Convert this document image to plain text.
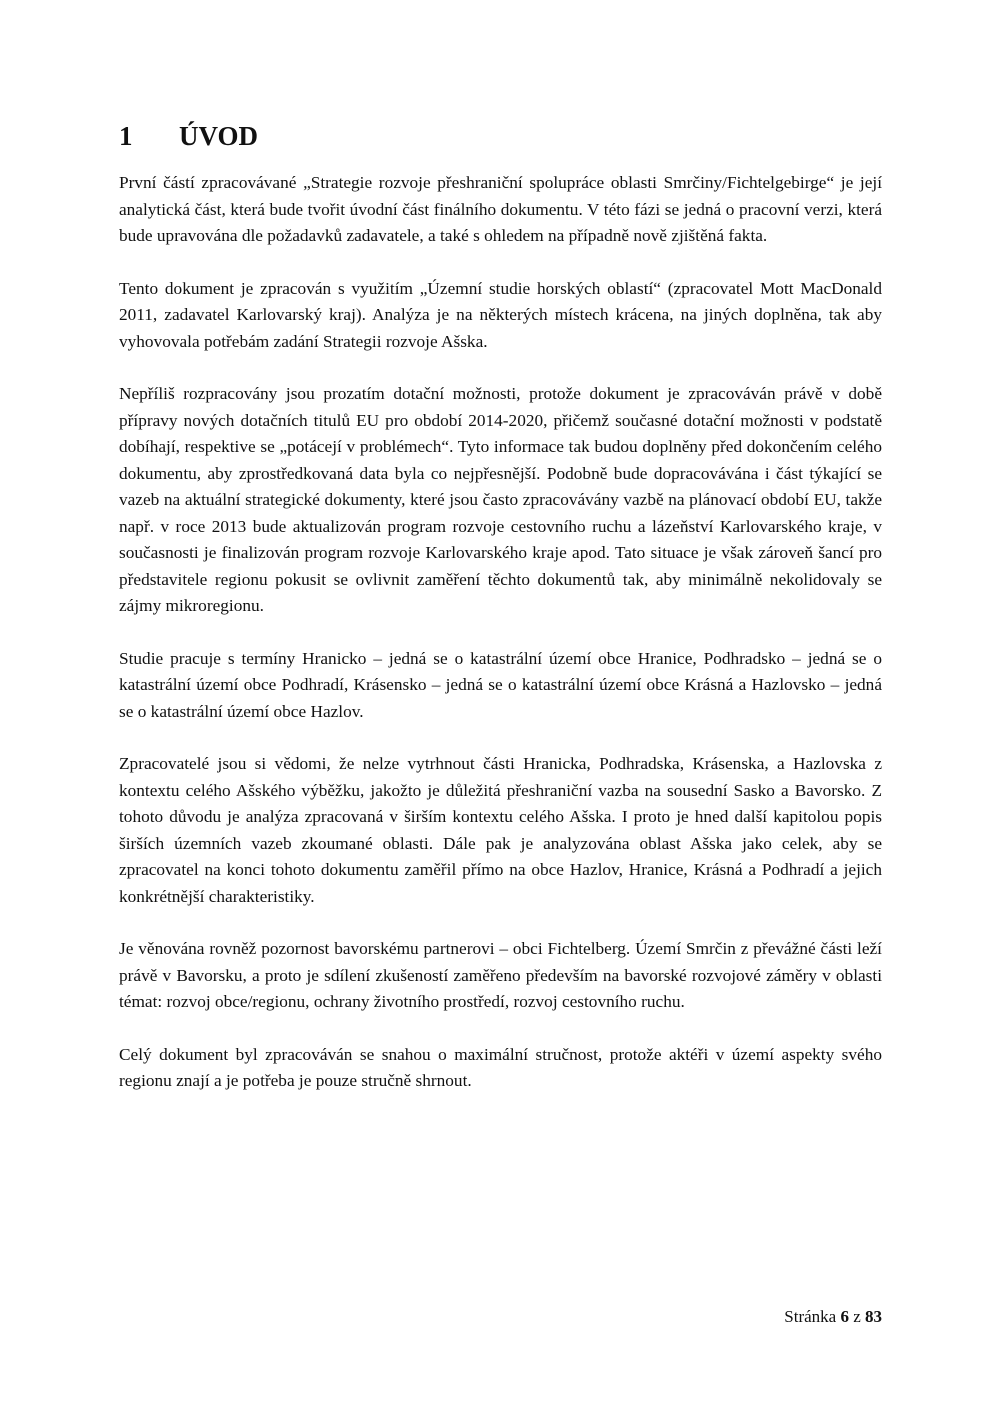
1 ÚVOD

První částí zpracovávané „Strategie rozvoje přeshraniční spolupráce oblasti Smrčiny/Fichtelgebirge“ je její analytická část, která bude tvořit úvodní část finálního dokumentu. V této fázi se jedná o pracovní verzi, která bude upravována dle požadavků zadavatele, a také s ohledem na případně nově zjištěná fakta.

Tento dokument je zpracován s využitím „Územní studie horských oblastí“ (zpracovatel Mott MacDonald 2011, zadavatel Karlovarský kraj). Analýza je na některých místech krácena, na jiných doplněna, tak aby vyhovovala potřebám zadání Strategii rozvoje Ašska.

Nepříliš rozpracovány jsou prozatím dotační možnosti, protože dokument je zpracováván právě v době přípravy nových dotačních titulů EU pro období 2014-2020, přičemž současné dotační možnosti v podstatě dobíhají, respektive se „potácejí v problémech“. Tyto informace tak budou doplněny před dokončením celého dokumentu, aby zprostředkovaná data byla co nejpřesnější. Podobně bude dopracovávána i část týkající se vazeb na aktuální strategické dokumenty, které jsou často zpracovávány vazbě na plánovací období EU, takže např. v roce 2013 bude aktualizován program rozvoje cestovního ruchu a lázeňství Karlovarského kraje, v současnosti je finalizován program rozvoje Karlovarského kraje apod. Tato situace je však zároveň šancí pro představitele regionu pokusit se ovlivnit zaměření těchto dokumentů tak, aby minimálně nekolidovaly se zájmy mikroregionu.

Studie pracuje s termíny Hranicko – jedná se o katastrální území obce Hranice, Podhradsko – jedná se o katastrální území obce Podhradí, Krásensko – jedná se o katastrální území obce Krásná a Hazlovsko – jedná se o katastrální území obce Hazlov.

Zpracovatelé jsou si vědomi, že nelze vytrhnout části Hranicka, Podhradska, Krásenska, a Hazlovska z kontextu celého Ašského výběžku, jakožto je důležitá přeshraniční vazba na sousední Sasko a Bavorsko. Z tohoto důvodu je analýza zpracovaná v širším kontextu celého Ašska. I proto je hned další kapitolou popis širších územních vazeb zkoumané oblasti. Dále pak je analyzována oblast Ašska jako celek, aby se zpracovatel na konci tohoto dokumentu zaměřil přímo na obce Hazlov, Hranice, Krásná a Podhradí a jejich konkrétnější charakteristiky.

Je věnována rovněž pozornost bavorskému partnerovi – obci Fichtelberg. Území Smrčin z převážné části leží právě v Bavorsku, a proto je sdílení zkušeností zaměřeno především na bavorské rozvojové záměry v oblasti témat: rozvoj obce/regionu, ochrany životního prostředí, rozvoj cestovního ruchu.

Celý dokument byl zpracováván se snahou o maximální stručnost, protože aktéři v území aspekty svého regionu znají a je potřeba je pouze stručně shrnout.

Stránka 6 z 83
